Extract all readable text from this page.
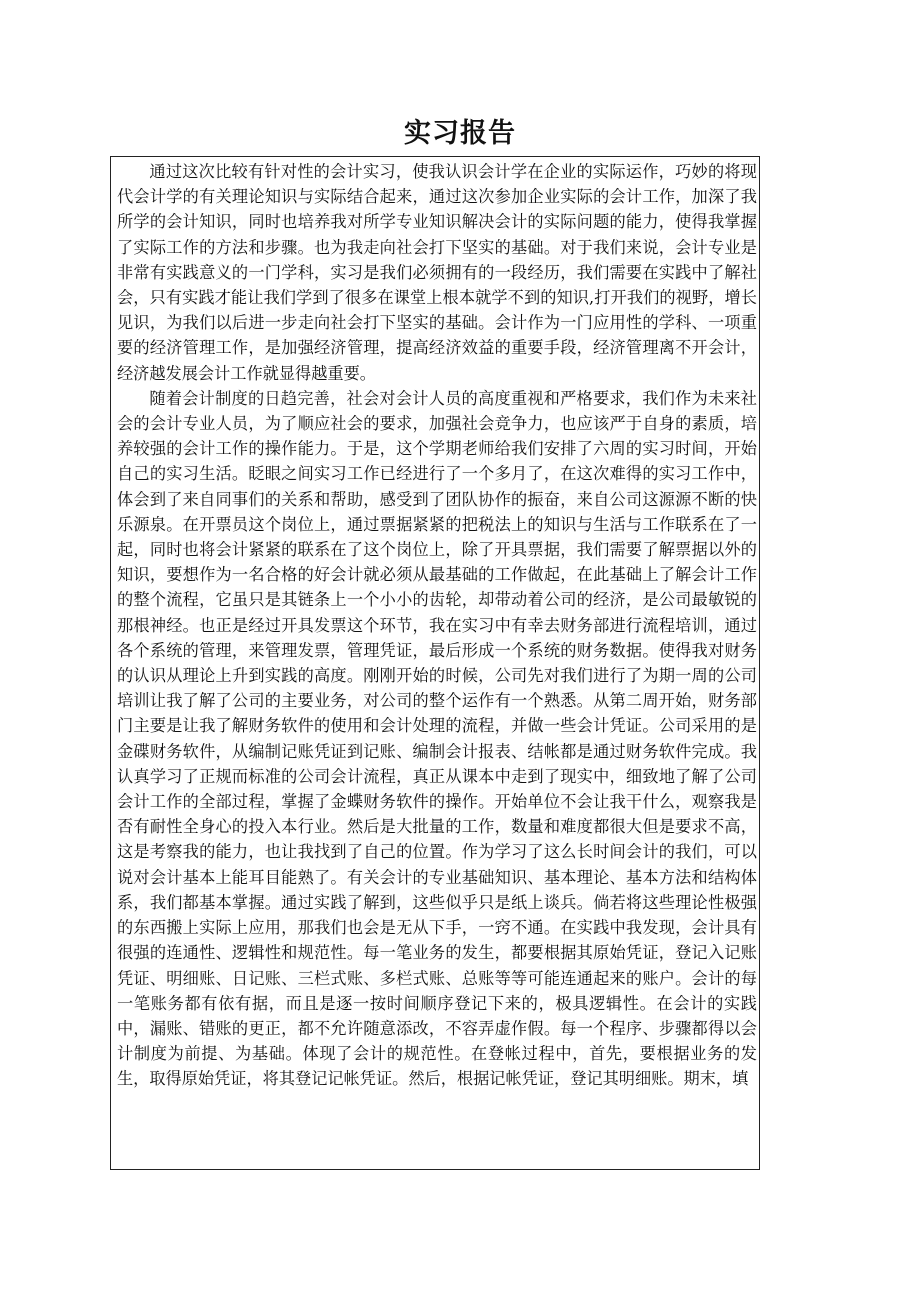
实习报告

通过这次比较有针对性的会计实习，使我认识会计学在企业的实际运作，巧妙的将现代会计学的有关理论知识与实际结合起来，通过这次参加企业实际的会计工作，加深了我所学的会计知识，同时也培养我对所学专业知识解决会计的实际问题的能力，使得我掌握了实际工作的方法和步骤。也为我走向社会打下坚实的基础。对于我们来说，会计专业是非常有实践意义的一门学科，实习是我们必须拥有的一段经历，我们需要在实践中了解社会，只有实践才能让我们学到了很多在课堂上根本就学不到的知识,打开我们的视野，增长见识，为我们以后进一步走向社会打下坚实的基础。会计作为一门应用性的学科、一项重要的经济管理工作，是加强经济管理，提高经济效益的重要手段，经济管理离不开会计，经济越发展会计工作就显得越重要。

随着会计制度的日趋完善，社会对会计人员的高度重视和严格要求，我们作为未来社会的会计专业人员，为了顺应社会的要求，加强社会竞争力，也应该严于自身的素质，培养较强的会计工作的操作能力。于是，这个学期老师给我们安排了六周的实习时间，开始自己的实习生活。眨眼之间实习工作已经进行了一个多月了，在这次难得的实习工作中，体会到了来自同事们的关系和帮助，感受到了团队协作的振奋，来自公司这源源不断的快乐源泉。在开票员这个岗位上，通过票据紧紧的把税法上的知识与生活与工作联系在了一起，同时也将会计紧紧的联系在了这个岗位上，除了开具票据，我们需要了解票据以外的知识，要想作为一名合格的好会计就必须从最基础的工作做起，在此基础上了解会计工作的整个流程，它虽只是其链条上一个小小的齿轮，却带动着公司的经济，是公司最敏锐的那根神经。也正是经过开具发票这个环节，我在实习中有幸去财务部进行流程培训，通过各个系统的管理，来管理发票，管理凭证，最后形成一个系统的财务数据。使得我对财务的认识从理论上升到实践的高度。刚刚开始的时候，公司先对我们进行了为期一周的公司培训让我了解了公司的主要业务，对公司的整个运作有一个熟悉。从第二周开始，财务部门主要是让我了解财务软件的使用和会计处理的流程，并做一些会计凭证。公司采用的是金碟财务软件，从编制记账凭证到记账、编制会计报表、结帐都是通过财务软件完成。我认真学习了正规而标准的公司会计流程，真正从课本中走到了现实中，细致地了解了公司会计工作的全部过程，掌握了金蝶财务软件的操作。开始单位不会让我干什么，观察我是否有耐性全身心的投入本行业。然后是大批量的工作，数量和难度都很大但是要求不高，这是考察我的能力，也让我找到了自己的位置。作为学习了这么长时间会计的我们，可以说对会计基本上能耳目能熟了。有关会计的专业基础知识、基本理论、基本方法和结构体系，我们都基本掌握。通过实践了解到，这些似乎只是纸上谈兵。倘若将这些理论性极强的东西搬上实际上应用，那我们也会是无从下手，一窍不通。在实践中我发现，会计具有很强的连通性、逻辑性和规范性。每一笔业务的发生，都要根据其原始凭证，登记入记账凭证、明细账、日记账、三栏式账、多栏式账、总账等等可能连通起来的账户。会计的每一笔账务都有依有据，而且是逐一按时间顺序登记下来的，极具逻辑性。在会计的实践中，漏账、错账的更正，都不允许随意添改，不容弄虚作假。每一个程序、步骤都得以会计制度为前提、为基础。体现了会计的规范性。在登帐过程中，首先，要根据业务的发生，取得原始凭证，将其登记记帐凭证。然后，根据记帐凭证，登记其明细账。期末，填
